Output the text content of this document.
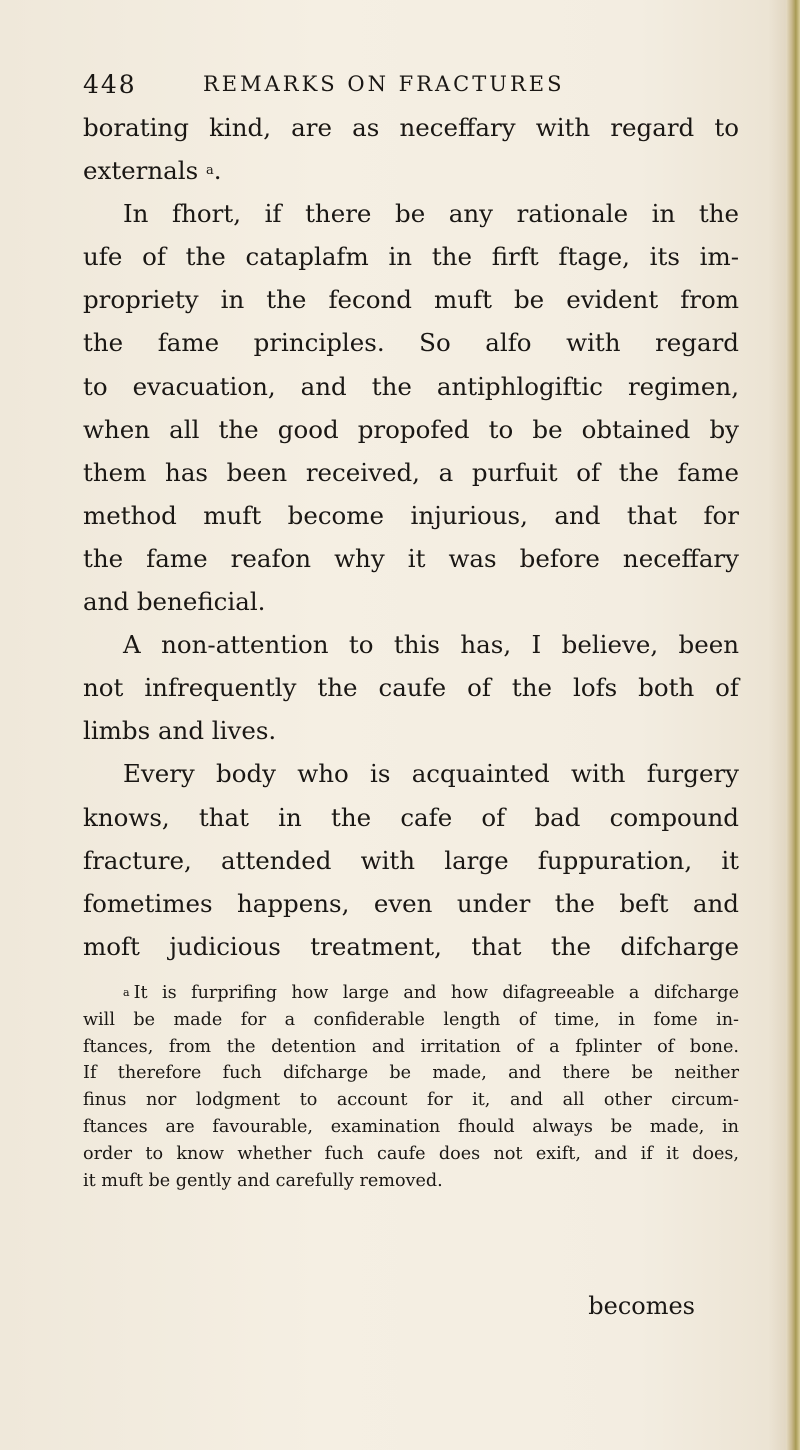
448	REMARKS ON FRACTURES
borating kind, are as neceffary with regard to
externals $^a$.
In fhort, if there be any rationale in the
ufe of the cataplafm in the firft ftage, its im-
propriety in the fecond muft be evident from
the fame principles. So alfo with regard
to evacuation, and the antiphlogiftic regimen,
when all the good propofed to be obtained by
them has been received, a purfuit of the fame
method muft become injurious, and that for
the fame reafon why it was before neceffary
and beneficial.
A non-attention to this has, I believe, been
not infrequently the caufe of the lofs both of
limbs and lives.
Every body who is acquainted with furgery
knows, that in the cafe of bad compound
fracture, attended with large fuppuration, it
fometimes happens, even under the beft and
moft judicious treatment, that the difcharge
$^a$ It is furprifing how large and how difagreeable a difcharge
will be made for a confiderable length of time, in fome in-
ftances, from the detention and irritation of a fplinter of bone.
If therefore fuch difcharge be made, and there be neither
finus nor lodgment to account for it, and all other circum-
ftances are favourable, examination fhould always be made, in
order to know whether fuch caufe does not exift, and if it does,
it muft be gently and carefully removed.
becomes
